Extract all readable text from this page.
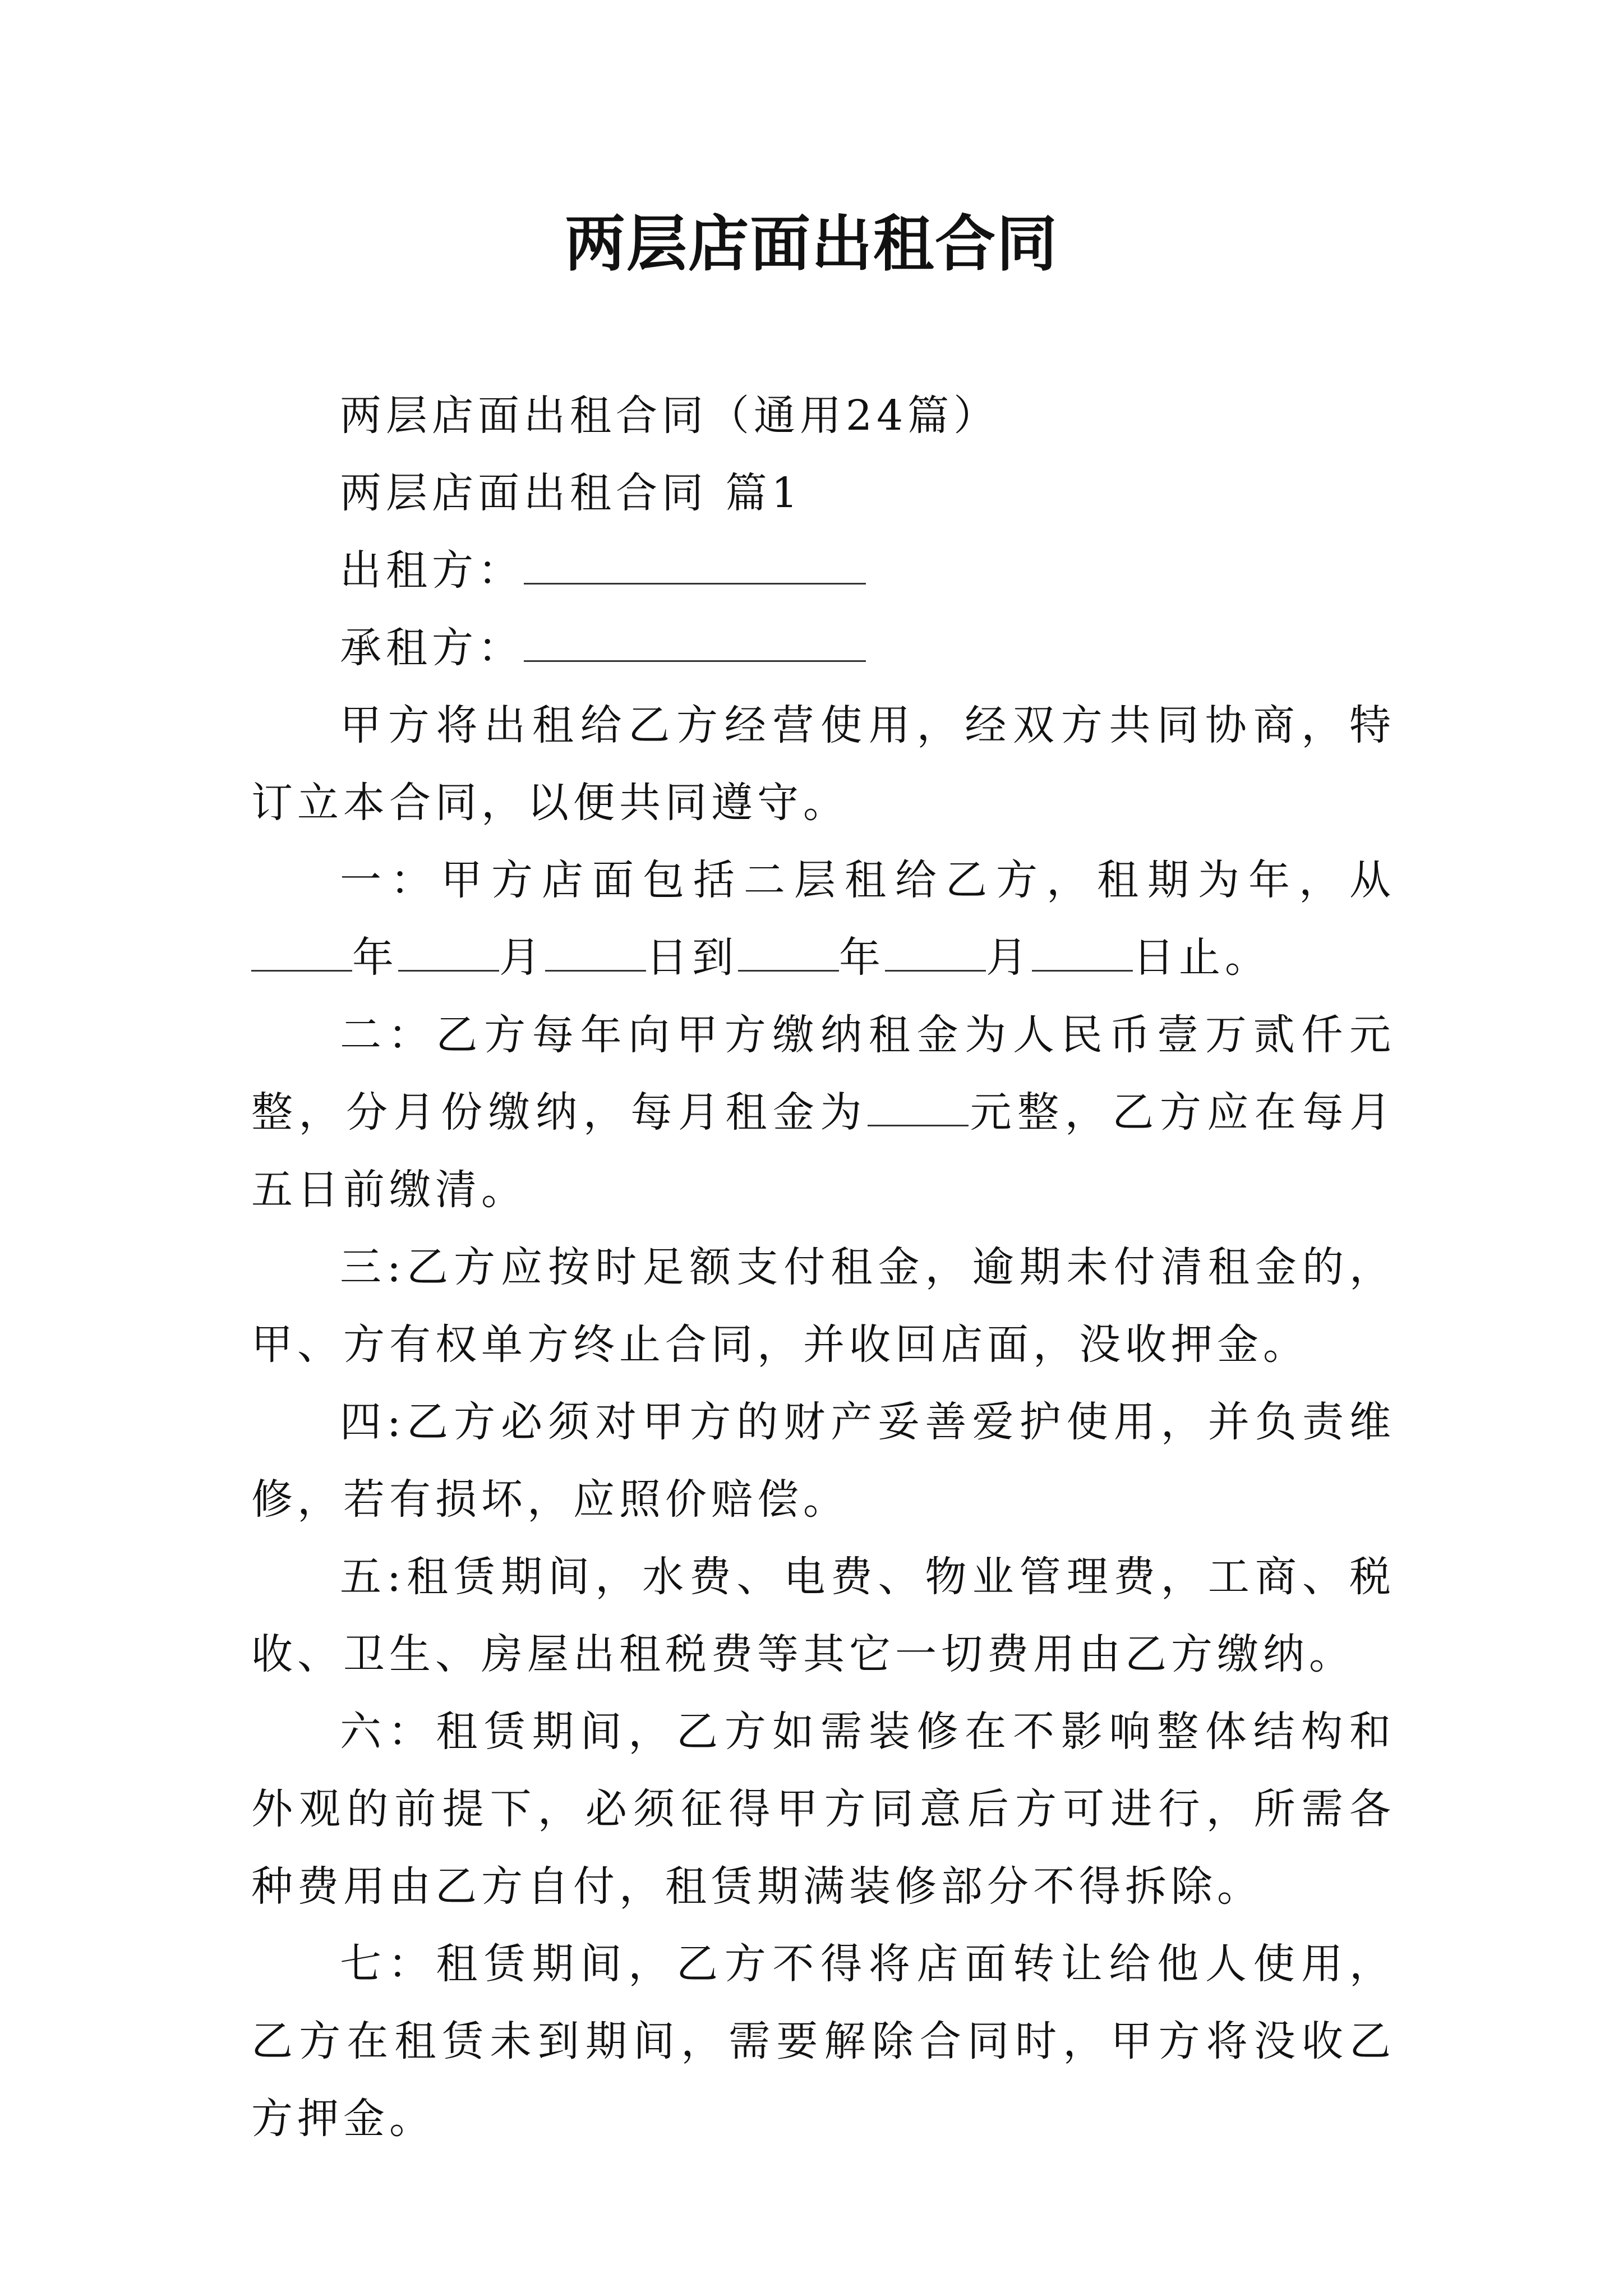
两层店面出租合同

两层店面出租合同（通用24篇）

两层店面出租合同 篇1

出租方：

承租方：

甲方将出租给乙方经营使用，经双方共同协商，特订立本合同，以便共同遵守。

一：甲方店面包括二层租给乙方，租期为年，从年 月 日到 年 月 日止。

二：乙方每年向甲方缴纳租金为人民币壹万贰仟元整，分月份缴纳，每月租金为 元整，乙方应在每月五日前缴清。

三:乙方应按时足额支付租金，逾期未付清租金的，甲、方有权单方终止合同，并收回店面，没收押金。

四:乙方必须对甲方的财产妥善爱护使用，并负责维修，若有损坏，应照价赔偿。

五:租赁期间，水费、电费、物业管理费，工商、税收、卫生、房屋出租税费等其它一切费用由乙方缴纳。

六：租赁期间，乙方如需装修在不影响整体结构和外观的前提下，必须征得甲方同意后方可进行，所需各种费用由乙方自付，租赁期满装修部分不得拆除。

七：租赁期间，乙方不得将店面转让给他人使用，乙方在租赁未到期间，需要解除合同时，甲方将没收乙方押金。
